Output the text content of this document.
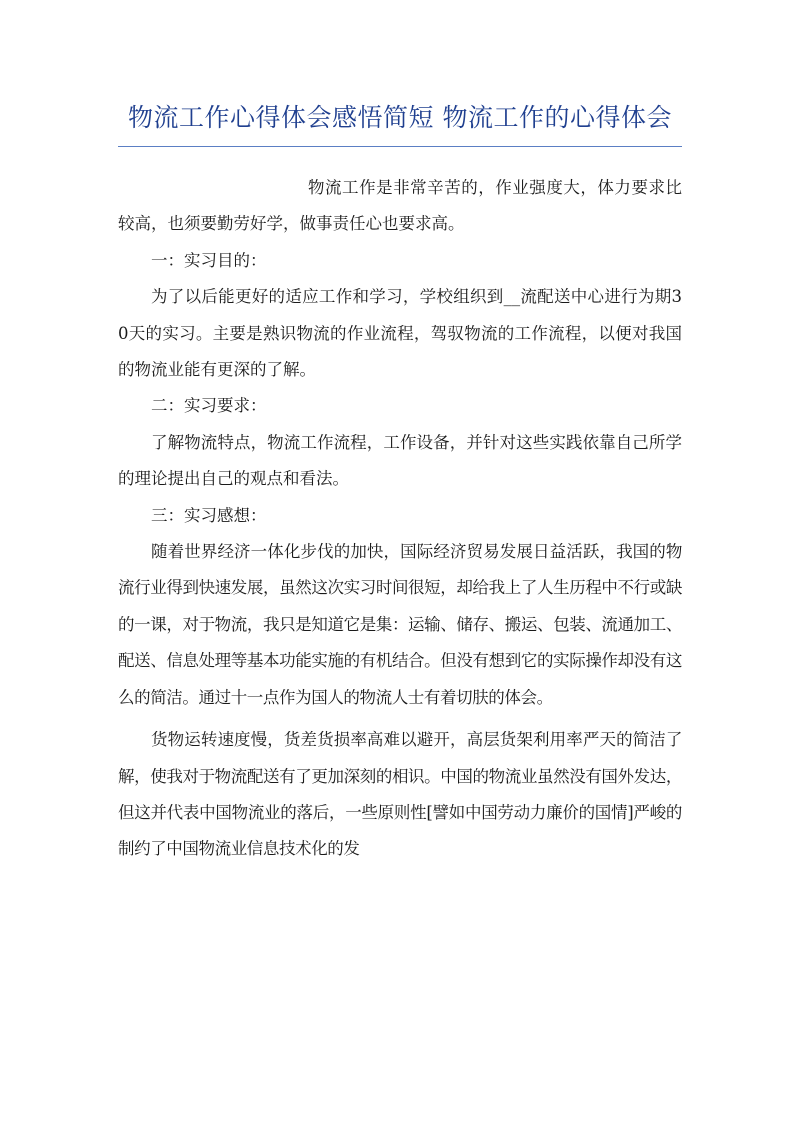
物流工作心得体会感悟简短 物流工作的心得体会

物流工作是非常辛苦的，作业强度大，体力要求比较高，也须要勤劳好学，做事责任心也要求高。

一：实习目的：

为了以后能更好的适应工作和学习，学校组织到__流配送中心进行为期30天的实习。主要是熟识物流的作业流程，驾驭物流的工作流程，以便对我国的物流业能有更深的了解。

二：实习要求：

了解物流特点，物流工作流程，工作设备，并针对这些实践依靠自己所学的理论提出自己的观点和看法。

三：实习感想：

随着世界经济一体化步伐的加快，国际经济贸易发展日益活跃，我国的物流行业得到快速发展，虽然这次实习时间很短，却给我上了人生历程中不行或缺的一课，对于物流，我只是知道它是集：运输、储存、搬运、包装、流通加工、配送、信息处理等基本功能实施的有机结合。但没有想到它的实际操作却没有这么的简洁。通过十一点作为国人的物流人士有着切肤的体会。

货物运转速度慢，货差货损率高难以避开，高层货架利用率严天的简洁了解，使我对于物流配送有了更加深刻的相识。中国的物流业虽然没有国外发达，但这并代表中国物流业的落后，一些原则性[譬如中国劳动力廉价的国情]严峻的制约了中国物流业信息技术化的发
